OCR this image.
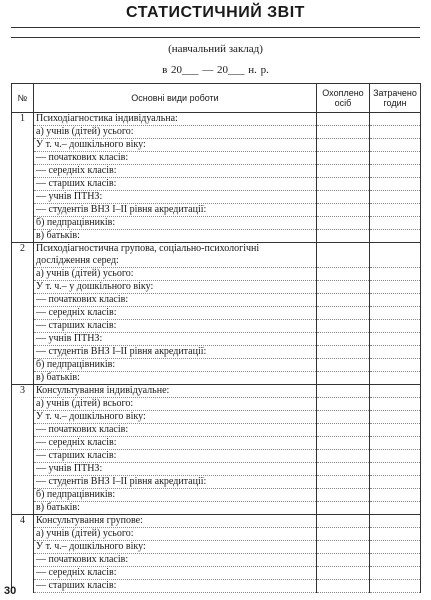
СТАТИСТИЧНИЙ ЗВІТ
(навчальний заклад)
в 20___ — 20___ н. р.
№	Основні види роботи	Охоплено осіб	Затрачено годин
1	Психодіагностика індивідуальна:		
	а) учнів (дітей) усього:		
	У т. ч.– дошкільного віку:		
	— початкових класів:		
	— середніх класів:		
	— старших класів:		
	— учнів ПТНЗ:		
	— студентів ВНЗ І–ІІ рівня акредитації:		
	б) педпрацівників:		
	в) батьків:		
2	Психодіагностична групова, соціально-психологічні дослідження серед:		
	а) учнів (дітей) усього:		
	У т. ч.– у дошкільного віку:		
	— початкових класів:		
	— середніх класів:		
	— старших класів:		
	— учнів ПТНЗ:		
	— студентів ВНЗ І–ІІ рівня акредитації:		
	б) педпрацівників:		
	в) батьків:		
3	Консультування індивідуальне:		
	а) учнів (дітей) всього:		
	У т. ч.– дошкільного віку:		
	— початкових класів:		
	— середніх класів:		
	— старших класів:		
	— учнів ПТНЗ:		
	— студентів ВНЗ І–ІІ рівня акредитації:		
	б) педпрацівників:		
	в) батьків:		
4	Консультування групове:		
	а) учнів (дітей) усього:		
	У т. ч.– дошкільного віку:		
	— початкових класів:		
	— середніх класів:		
	— старших класів:		
30
